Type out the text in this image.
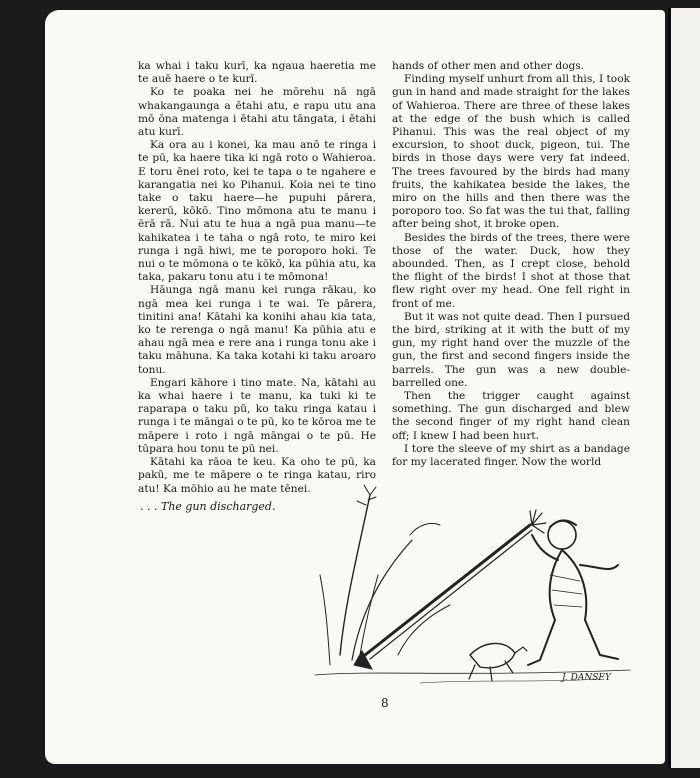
ka whai i taku kurī, ka ngaua haeretia me te auē haere o te kurī.

Ko te poaka nei he mōrehu nā ngā whakangaunga a ētahi atu, e rapu utu ana mō ōna matenga i ētahi atu tāngata, i ētahi atu kurī.

Ka ora au i konei, ka mau anō te ringa i te pū, ka haere tika ki ngā roto o Wahieroa. E toru ēnei roto, kei te tapa o te ngahere e karangatia nei ko Pihanui. Koia nei te tino take o taku haere—he pupuhi pārera, kererū, kōkō. Tino mōmona atu te manu i ērā rā. Nui atu te hua a ngā pua manu—te kahikatea i te taha o ngā roto, te miro kei runga i ngā hiwi, me te poroporo hoki. Te nui o te mōmona o te kōkō, ka pūhia atu, ka taka, pakaru tonu atu i te mōmona!

Hāunga ngā manu kei runga rākau, ko ngā mea kei runga i te wai. Te pārera, tinitini ana! Kātahi ka konihi ahau kia tata, ko te rerenga o ngā manu! Ka pūhia atu e ahau ngā mea e rere ana i runga tonu ake i taku māhuna. Ka taka kotahi ki taku aroaro tonu.

Engari kāhore i tino mate. Na, kātahi au ka whai haere i te manu, ka tuki ki te raparapa o taku pū, ko taku ringa katau i runga i te māngai o te pū, ko te kōroa me te māpere i roto i ngā māngai o te pū. He tūpara hou tonu te pū nei.

Kātahi ka rāoa te keu. Ka oho te pū, ka pakū, me te māpere o te ringa katau, riro atu! Ka mōhio au he mate tēnei.

hands of other men and other dogs.

Finding myself unhurt from all this, I took gun in hand and made straight for the lakes of Wahieroa. There are three of these lakes at the edge of the bush which is called Pihanui. This was the real object of my excursion, to shoot duck, pigeon, tui. The birds in those days were very fat indeed. The trees favoured by the birds had many fruits, the kahikatea beside the lakes, the miro on the hills and then there was the poroporo too. So fat was the tui that, falling after being shot, it broke open.

Besides the birds of the trees, there were those of the water. Duck, how they abounded. Then, as I crept close, behold the flight of the birds! I shot at those that flew right over my head. One fell right in front of me.

But it was not quite dead. Then I pursued the bird, striking at it with the butt of my gun, my right hand over the muzzle of the gun, the first and second fingers inside the barrels. The gun was a new double-barrelled one.

Then the trigger caught against something. The gun discharged and blew the second finger of my right hand clean off; I knew I had been hurt.

I tore the sleeve of my shirt as a bandage for my lacerated finger. Now the world

. . . The gun discharged.
J. DANSEY
8
